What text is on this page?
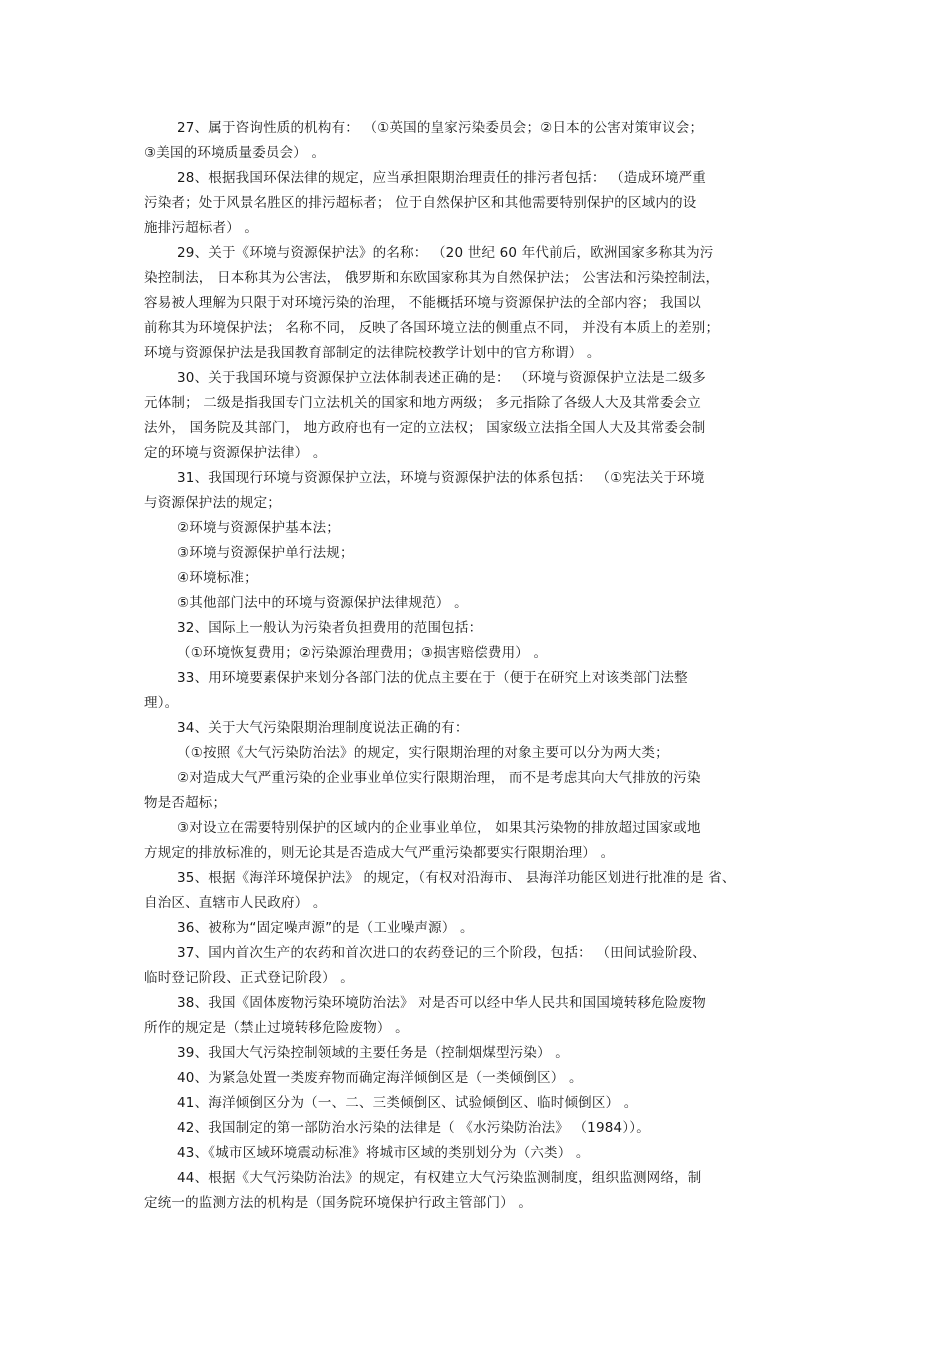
27、属于咨询性质的机构有： （①英国的皇家污染委员会；②日本的公害对策审议会；
③美国的环境质量委员会） 。
28、根据我国环保法律的规定，应当承担限期治理责任的排污者包括： （造成环境严重
污染者；处于风景名胜区的排污超标者； 位于自然保护区和其他需要特别保护的区域内的设
施排污超标者） 。
29、关于《环境与资源保护法》的名称： （20 世纪 60 年代前后，欧洲国家多称其为污
染控制法， 日本称其为公害法， 俄罗斯和东欧国家称其为自然保护法； 公害法和污染控制法，
容易被人理解为只限于对环境污染的治理， 不能概括环境与资源保护法的全部内容； 我国以
前称其为环境保护法； 名称不同， 反映了各国环境立法的侧重点不同， 并没有本质上的差别；
环境与资源保护法是我国教育部制定的法律院校教学计划中的官方称谓） 。
30、关于我国环境与资源保护立法体制表述正确的是： （环境与资源保护立法是二级多
元体制； 二级是指我国专门立法机关的国家和地方两级； 多元指除了各级人大及其常委会立
法外， 国务院及其部门， 地方政府也有一定的立法权； 国家级立法指全国人大及其常委会制
定的环境与资源保护法律） 。
31、我国现行环境与资源保护立法，环境与资源保护法的体系包括： （①宪法关于环境
与资源保护法的规定；
②环境与资源保护基本法；
③环境与资源保护单行法规；
④环境标准；
⑤其他部门法中的环境与资源保护法律规范） 。
32、国际上一般认为污染者负担费用的范围包括：
（①环境恢复费用；②污染源治理费用；③损害赔偿费用） 。
33、用环境要素保护来划分各部门法的优点主要在于（便于在研究上对该类部门法整
理）。
34、关于大气污染限期治理制度说法正确的有：
（①按照《大气污染防治法》的规定，实行限期治理的对象主要可以分为两大类；
②对造成大气严重污染的企业事业单位实行限期治理， 而不是考虑其向大气排放的污染
物是否超标；
③对设立在需要特别保护的区域内的企业事业单位， 如果其污染物的排放超过国家或地
方规定的排放标准的，则无论其是否造成大气严重污染都要实行限期治理） 。
35、根据《海洋环境保护法》 的规定，（有权对沿海市、 县海洋功能区划进行批准的是 省、
自治区、直辖市人民政府） 。
36、被称为“固定噪声源”的是（工业噪声源） 。
37、国内首次生产的农药和首次进口的农药登记的三个阶段，包括： （田间试验阶段、
临时登记阶段、正式登记阶段） 。
38、我国《固体废物污染环境防治法》 对是否可以经中华人民共和国国境转移危险废物
所作的规定是（禁止过境转移危险废物） 。
39、我国大气污染控制领域的主要任务是（控制烟煤型污染） 。
40、为紧急处置一类废弃物而确定海洋倾倒区是（一类倾倒区） 。
41、海洋倾倒区分为（一、二、三类倾倒区、试验倾倒区、临时倾倒区） 。
42、我国制定的第一部防治水污染的法律是（ 《水污染防治法》 （1984））。
43、《城市区域环境震动标准》将城市区域的类别划分为（六类） 。
44、根据《大气污染防治法》的规定，有权建立大气污染监测制度，组织监测网络，制
定统一的监测方法的机构是（国务院环境保护行政主管部门） 。
